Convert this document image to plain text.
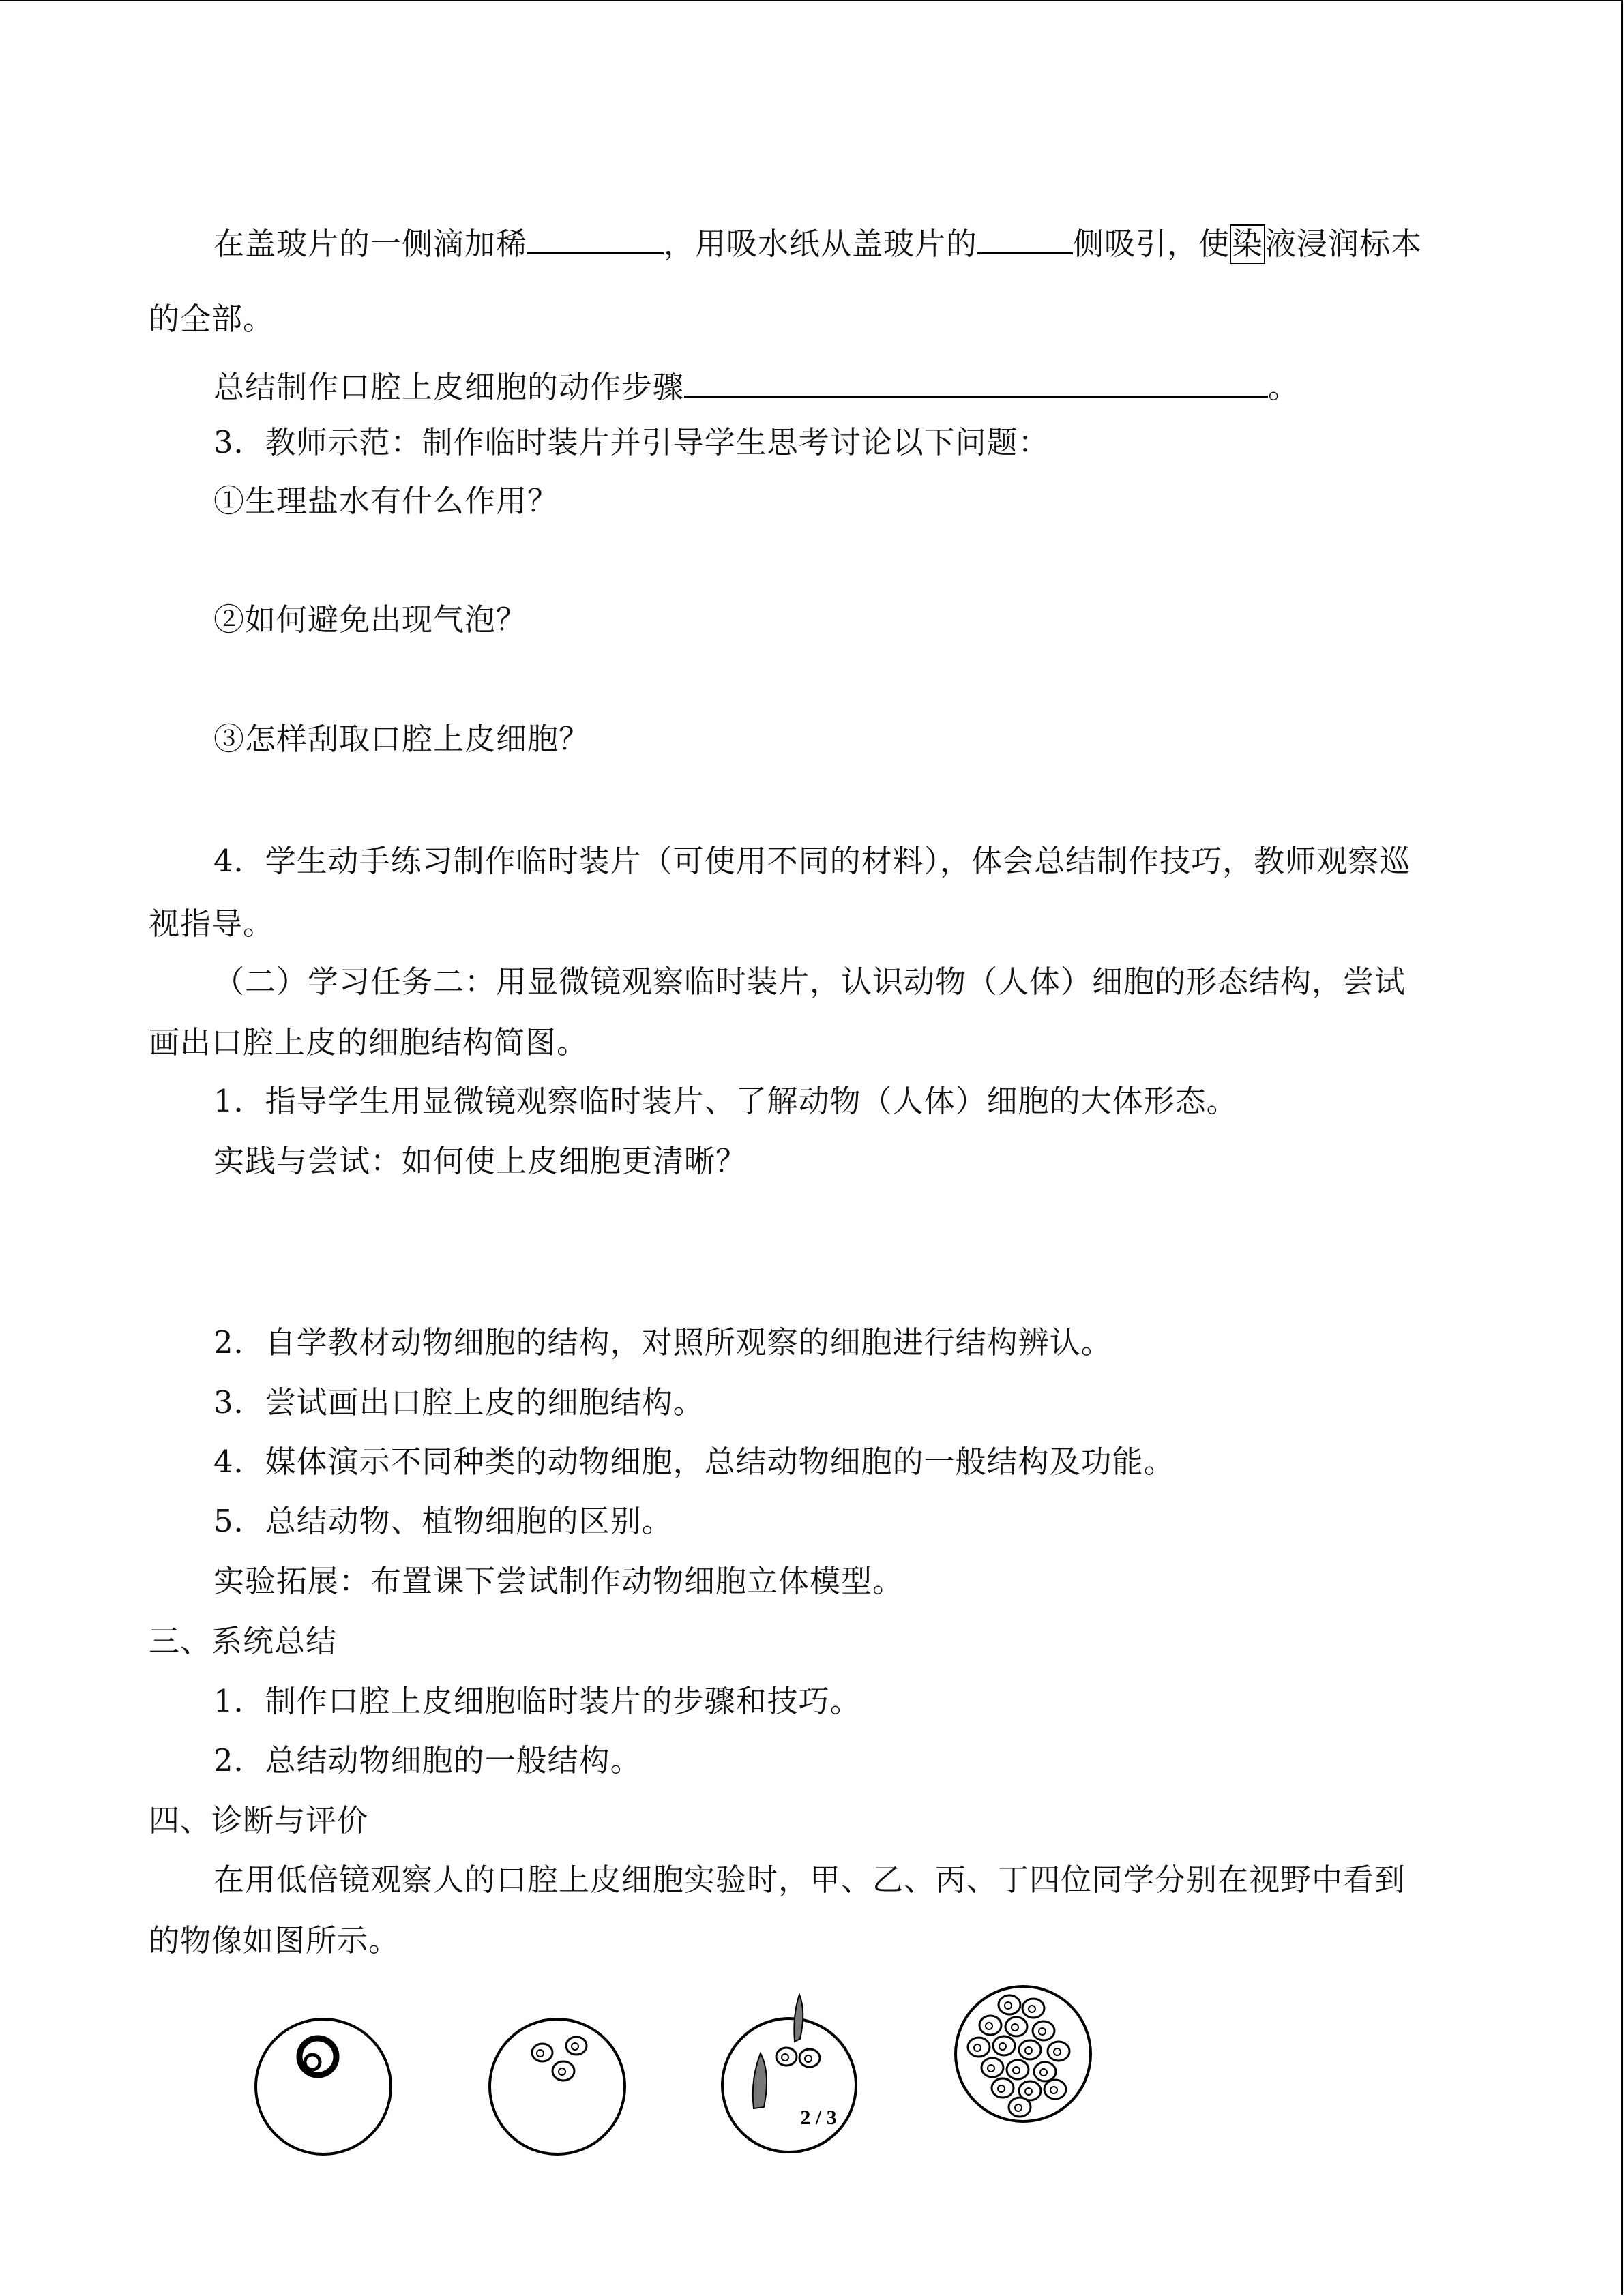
在盖玻片的一侧滴加稀	，用吸水纸从盖玻片的	侧吸引，使染液浸润标本
的全部。
总结制作口腔上皮细胞的动作步骤	。
3．教师示范：制作临时装片并引导学生思考讨论以下问题：
①生理盐水有什么作用？
②如何避免出现气泡？
③怎样刮取口腔上皮细胞？
4．学生动手练习制作临时装片（可使用不同的材料），体会总结制作技巧，教师观察巡
视指导。
（二）学习任务二：用显微镜观察临时装片，认识动物（人体）细胞的形态结构，尝试
画出口腔上皮的细胞结构简图。
1．指导学生用显微镜观察临时装片、了解动物（人体）细胞的大体形态。
实践与尝试：如何使上皮细胞更清晰？
2．自学教材动物细胞的结构，对照所观察的细胞进行结构辨认。
3．尝试画出口腔上皮的细胞结构。
4．媒体演示不同种类的动物细胞，总结动物细胞的一般结构及功能。
5．总结动物、植物细胞的区别。
实验拓展：布置课下尝试制作动物细胞立体模型。
三、系统总结
1．制作口腔上皮细胞临时装片的步骤和技巧。
2．总结动物细胞的一般结构。
四、诊断与评价
在用低倍镜观察人的口腔上皮细胞实验时，甲、乙、丙、丁四位同学分别在视野中看到
的物像如图所示。
2 / 3
